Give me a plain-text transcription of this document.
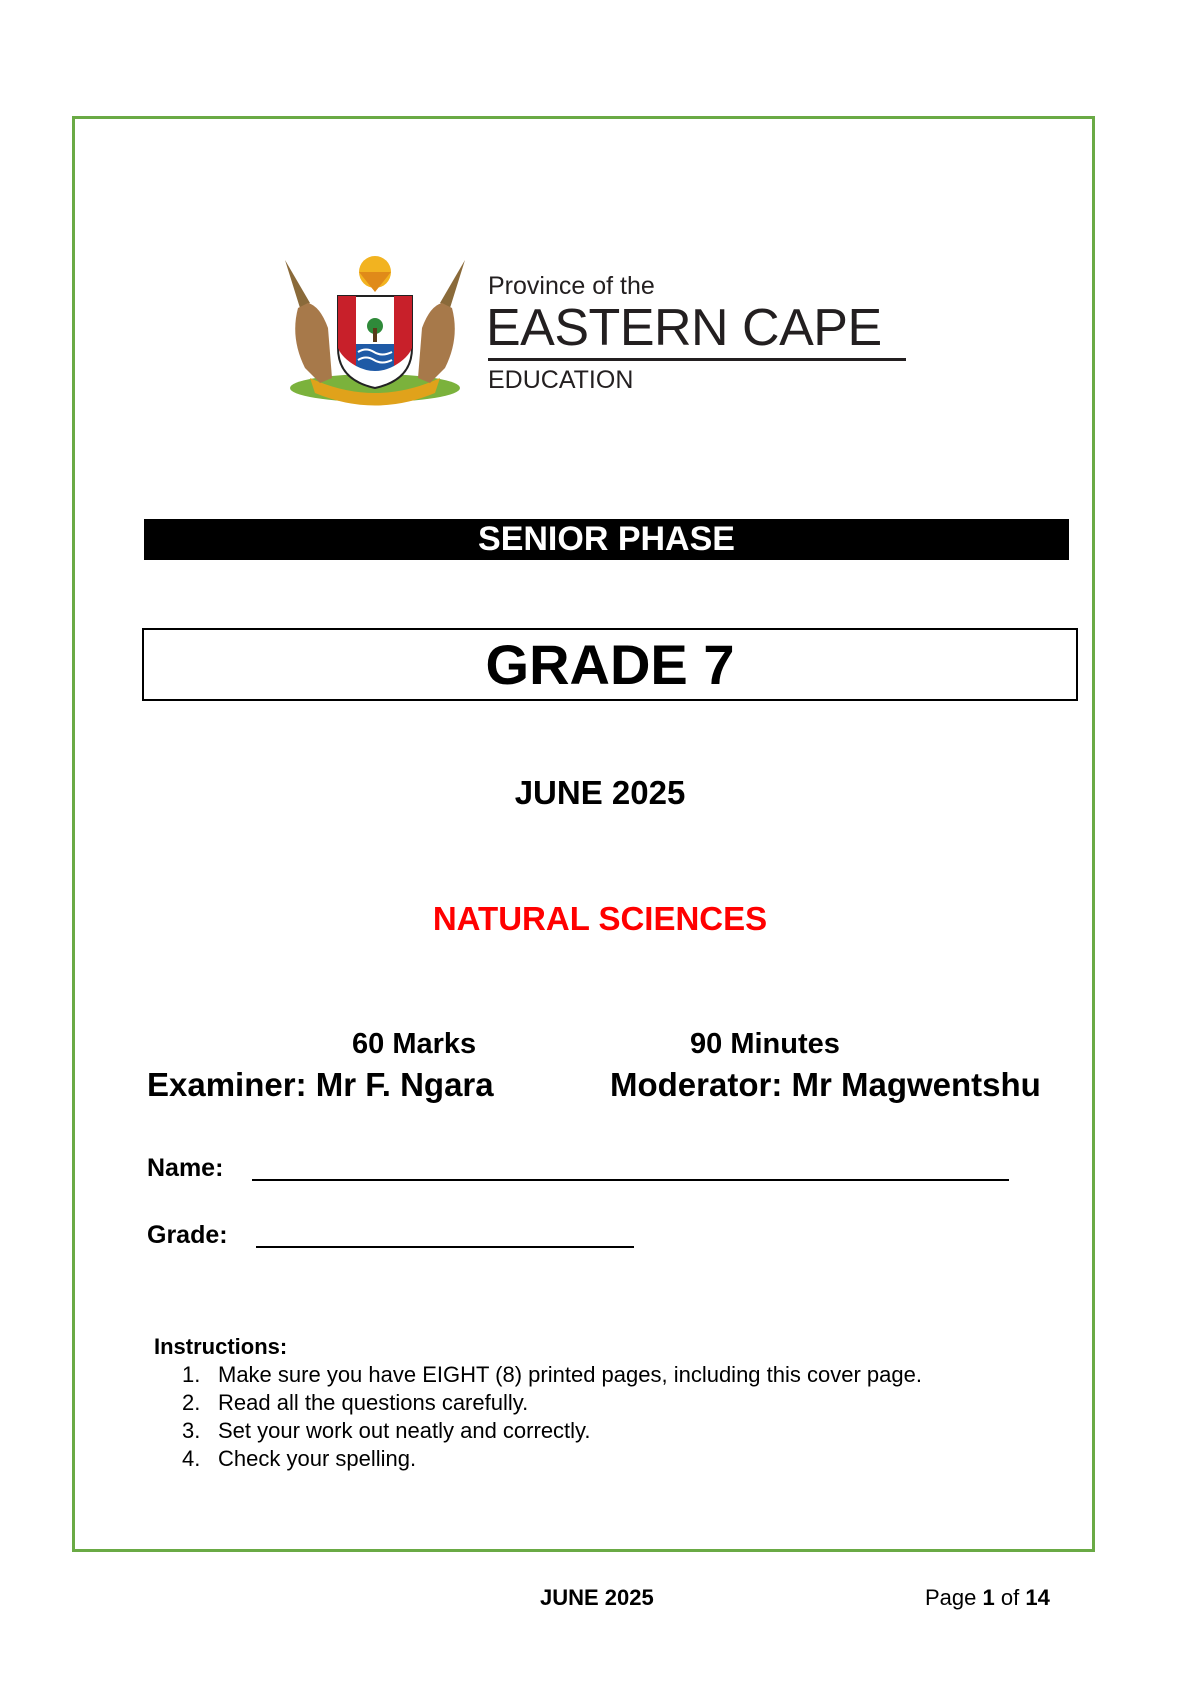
Province of the
EASTERN CAPE
EDUCATION
SENIOR PHASE
GRADE 7
JUNE 2025
NATURAL SCIENCES
60 Marks	90 Minutes
Examiner: Mr F. Ngara	Moderator: Mr Magwentshu
Name:
Grade:
Instructions:
1. Make sure you have EIGHT (8) printed pages, including this cover page.
2. Read all the questions carefully.
3. Set your work out neatly and correctly.
4. Check your spelling.
JUNE 2025	Page 1 of 14
